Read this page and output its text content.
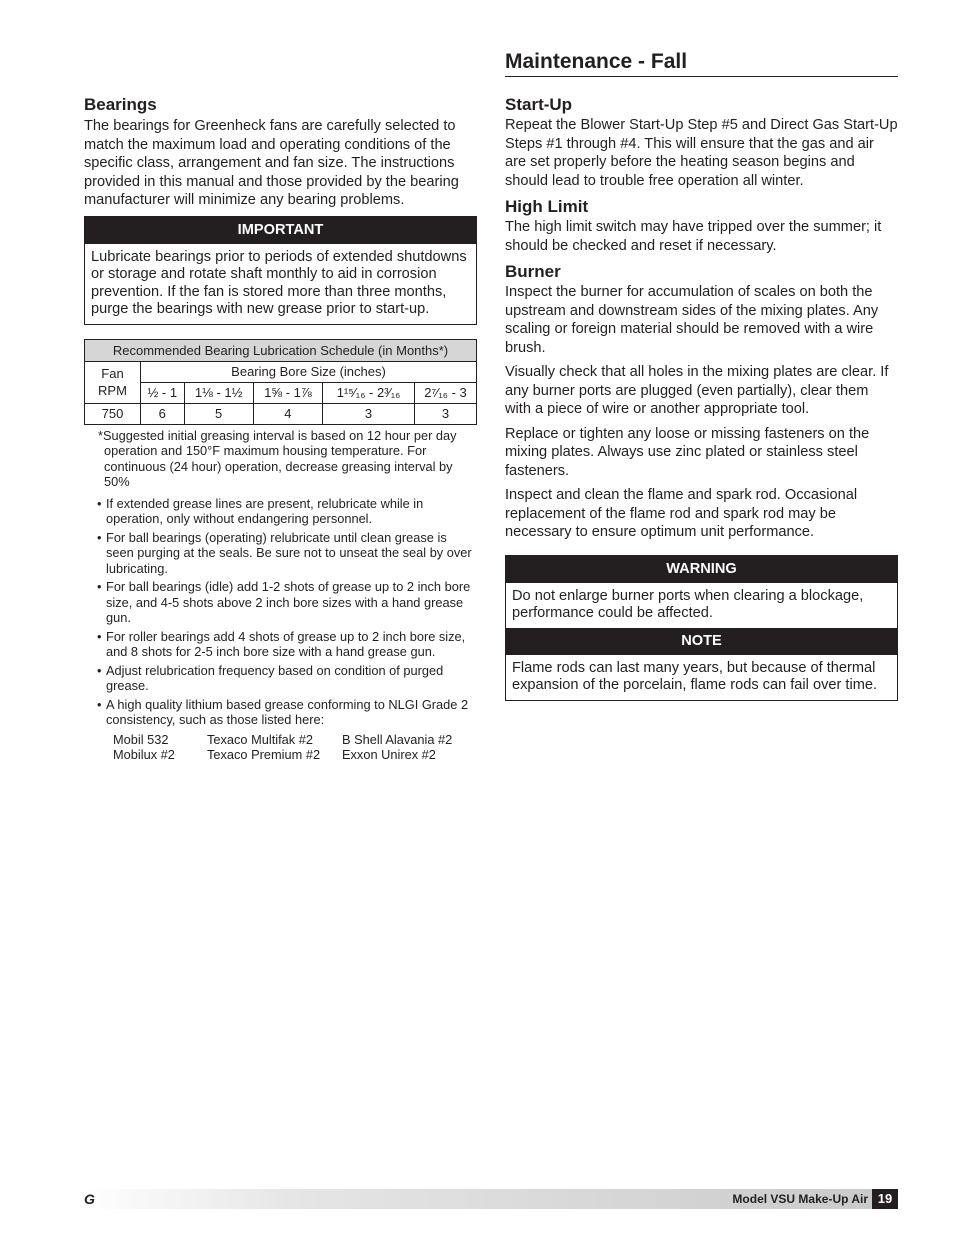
Maintenance - Fall
Bearings

The bearings for Greenheck fans are carefully selected to match the maximum load and operating conditions of the specific class, arrangement and fan size. The instructions provided in this manual and those provided by the bearing manufacturer will minimize any bearing problems.

IMPORTANT
Lubricate bearings prior to periods of extended shutdowns or storage and rotate shaft monthly to aid in corrosion prevention. If the fan is stored more than three months, purge the bearings with new grease prior to start-up.
Recommended Bearing Lubrication Schedule (in Months*)					
Fan
RPM	Bearing Bore Size (inches)				
	½ - 1	1⅛ - 1½	1⅝ - 1⅞	1¹⁵⁄₁₆ - 2³⁄₁₆	2⁷⁄₁₆ - 3
750	6	5	4	3	3

*Suggested initial greasing interval is based on 12 hour per day operation and 150°F maximum housing temperature. For continuous (24 hour) operation, decrease greasing interval by 50%

• If extended grease lines are present, relubricate while in operation, only without endangering personnel.
• For ball bearings (operating) relubricate until clean grease is seen purging at the seals. Be sure not to unseat the seal by over lubricating.
• For ball bearings (idle) add 1-2 shots of grease up to 2 inch bore size, and 4-5 shots above 2 inch bore sizes with a hand grease gun.
• For roller bearings add 4 shots of grease up to 2 inch bore size, and 8 shots for 2-5 inch bore size with a hand grease gun.
• Adjust relubrication frequency based on condition of purged grease.
• A high quality lithium based grease conforming to NLGI Grade 2 consistency, such as those listed here:
Mobil 532	Texaco Multifak #2	B Shell Alavania #2
Mobilux #2	Texaco Premium #2	Exxon Unirex #2
Start-Up

Repeat the Blower Start-Up Step #5 and Direct Gas Start-Up Steps #1 through #4. This will ensure that the gas and air are set properly before the heating season begins and should lead to trouble free operation all winter.

High Limit

The high limit switch may have tripped over the summer; it should be checked and reset if necessary.

Burner

Inspect the burner for accumulation of scales on both the upstream and downstream sides of the mixing plates. Any scaling or foreign material should be removed with a wire brush.

Visually check that all holes in the mixing plates are clear. If any burner ports are plugged (even partially), clear them with a piece of wire or another appropriate tool.

Replace or tighten any loose or missing fasteners on the mixing plates. Always use zinc plated or stainless steel fasteners.

Inspect and clean the flame and spark rod. Occasional replacement of the flame rod and spark rod may be necessary to ensure optimum unit performance.

WARNING
Do not enlarge burner ports when clearing a blockage, performance could be affected.
NOTE
Flame rods can last many years, but because of thermal expansion of the porcelain, flame rods can fail over time.
G	Model VSU Make-Up Air 19
